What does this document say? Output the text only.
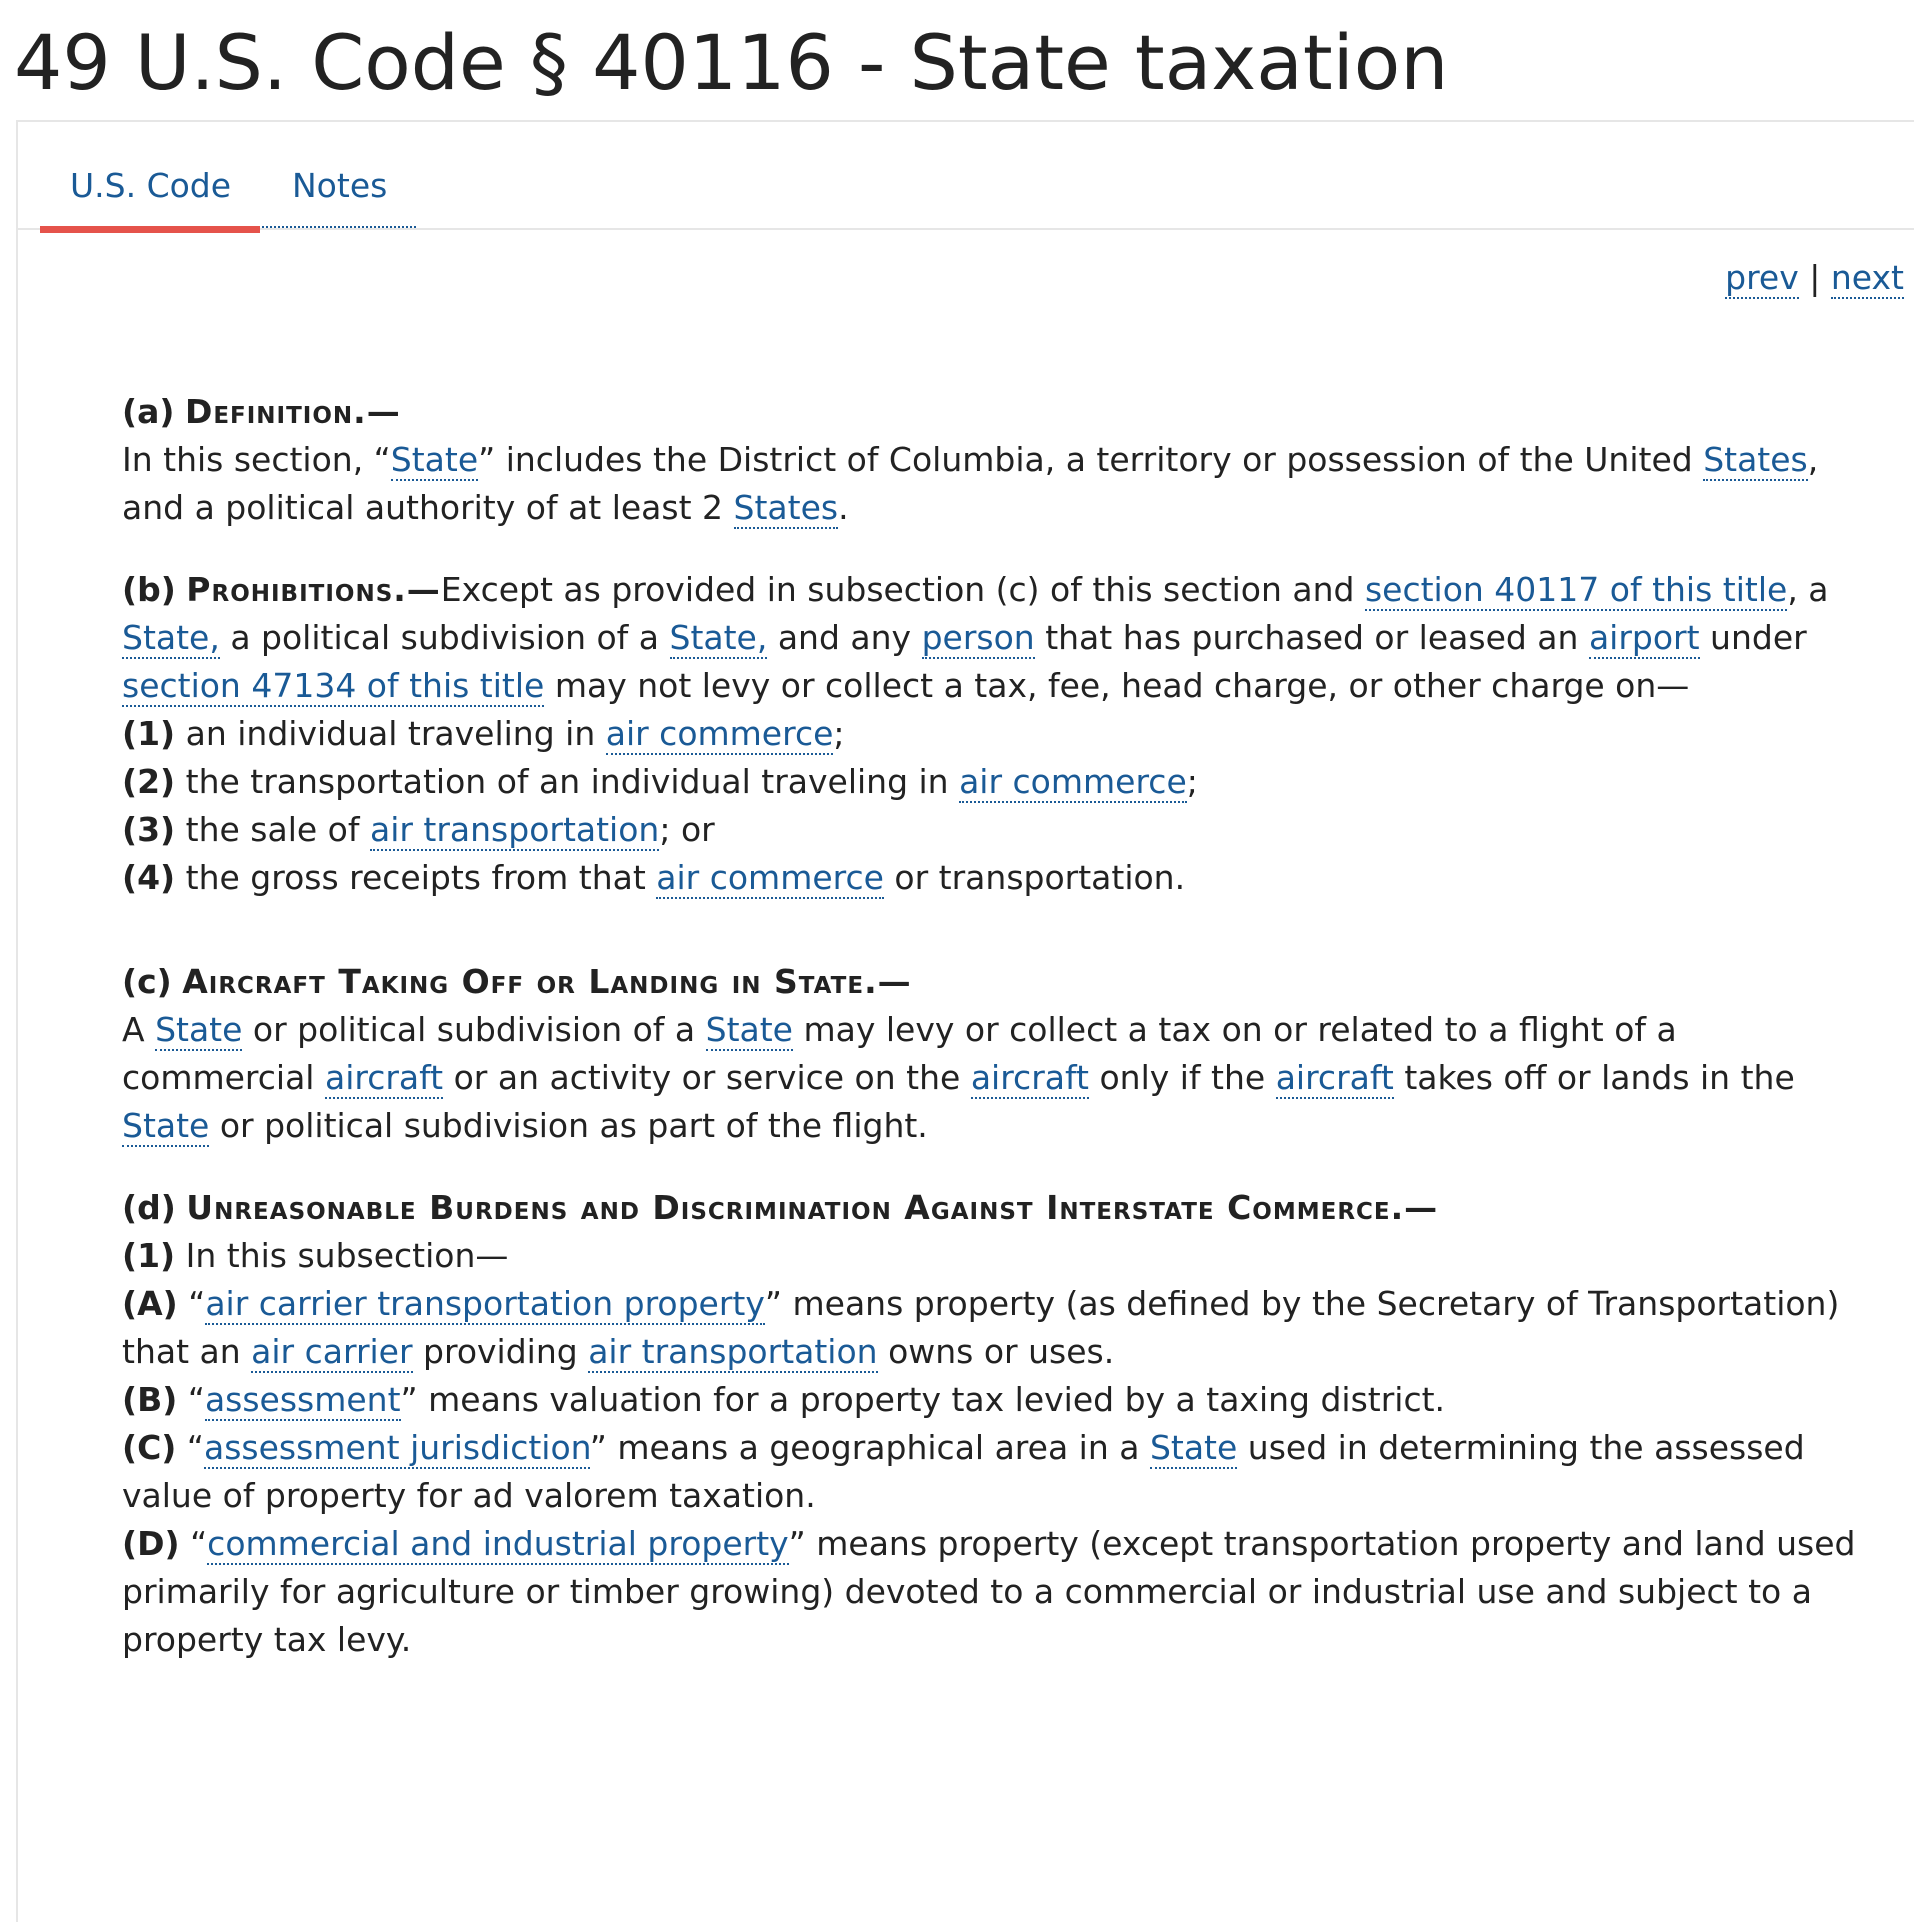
49 U.S. Code § 40116 - State taxation
U.S. Code Notes
prev | next

(a) Definition.—

In this section, “State” includes the District of Columbia, a territory or possession of the United States, and a political authority of at least 2 States.

(b) Prohibitions.—Except as provided in subsection (c) of this section and section 40117 of this title, a State, a political subdivision of a State, and any person that has purchased or leased an airport under section 47134 of this title may not levy or collect a tax, fee, head charge, or other charge on—

(1) an individual traveling in air commerce;

(2) the transportation of an individual traveling in air commerce;

(3) the sale of air transportation; or

(4) the gross receipts from that air commerce or transportation.

(c) Aircraft Taking Off or Landing in State.—

A State or political subdivision of a State may levy or collect a tax on or related to a flight of a commercial aircraft or an activity or service on the aircraft only if the aircraft takes off or lands in the State or political subdivision as part of the flight.

(d) Unreasonable Burdens and Discrimination Against Interstate Commerce.—

(1) In this subsection—

(A) “air carrier transportation property” means property (as defined by the Secretary of Transportation) that an air carrier providing air transportation owns or uses.

(B) “assessment” means valuation for a property tax levied by a taxing district.

(C) “assessment jurisdiction” means a geographical area in a State used in determining the assessed value of property for ad valorem taxation.

(D) “commercial and industrial property” means property (except transportation property and land used primarily for agriculture or timber growing) devoted to a commercial or industrial use and subject to a property tax levy.
